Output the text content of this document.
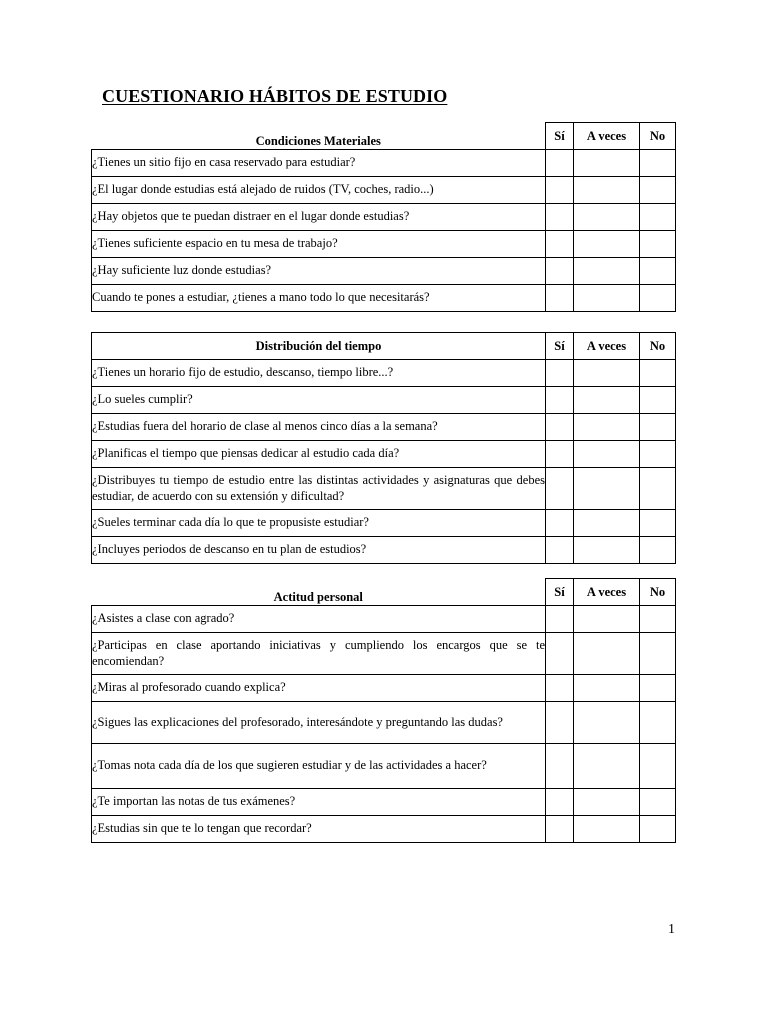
CUESTIONARIO HÁBITOS DE ESTUDIO
Condiciones Materiales	Sí	A veces	No
¿Tienes un sitio fijo en casa reservado para estudiar?			
¿El lugar donde estudias está alejado de ruidos (TV, coches, radio...)			
¿Hay objetos que te puedan distraer en el lugar donde estudias?			
¿Tienes suficiente espacio en tu mesa de trabajo?			
¿Hay suficiente luz donde estudias?			
Cuando te pones a estudiar, ¿tienes a mano todo lo que necesitarás?			
Distribución del tiempo	Sí	A veces	No
¿Tienes un horario fijo de estudio, descanso, tiempo libre...?			
¿Lo sueles cumplir?			
¿Estudias fuera del horario de clase al menos cinco días a la semana?			
¿Planificas el tiempo que piensas dedicar al estudio cada día?			
¿Distribuyes tu tiempo de estudio entre las distintas actividades y asignaturas que debes estudiar, de acuerdo con su extensión y dificultad?			
¿Sueles terminar cada día lo que te propusiste estudiar?			
¿Incluyes periodos de descanso en tu plan de estudios?			
Actitud personal	Sí	A veces	No
¿Asistes a clase con agrado?			
¿Participas en clase aportando iniciativas y cumpliendo los encargos que se te encomiendan?			
¿Miras al profesorado cuando explica?			
¿Sigues las explicaciones del profesorado, interesándote y preguntando las dudas?			
¿Tomas nota cada día de los que sugieren estudiar y de las actividades a hacer?			
¿Te importan las notas de tus exámenes?			
¿Estudias sin que te lo tengan que recordar?			
1
